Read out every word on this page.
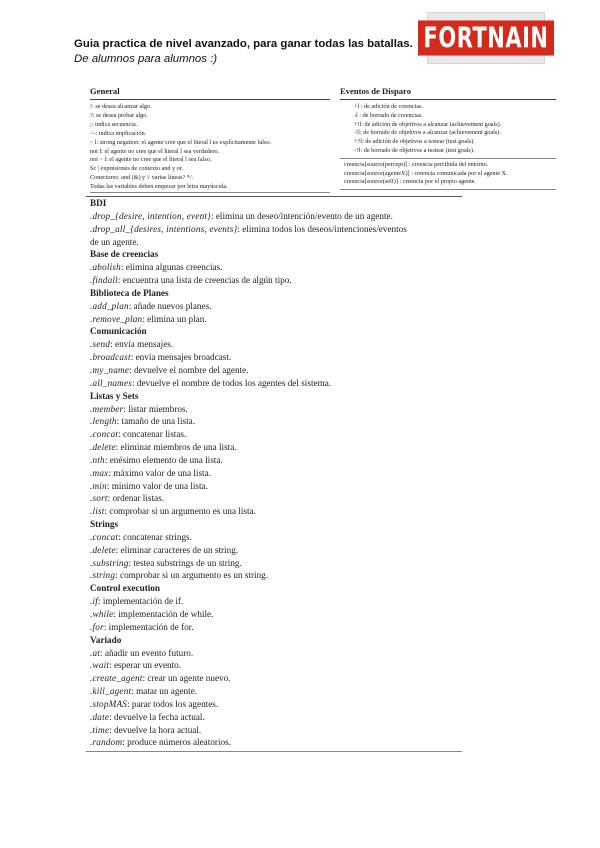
Guia practica de nivel avanzado, para ganar todas las batallas.
De alumnos para alumnos :)
FORTNAIN
General
!: se desea alcanzar algo.
?: se desea probar algo.
;: indica secuencia.
<-: indica implicación.
~ l: strong negation: el agente cree que el literal l es explícitamente falso.
not l: el agente no cree que el literal l sea verdadero.
not ~ l: el agente no cree que el literal l sea falso.
Sc | expresiones de contexto and y or.
Conectores: and (&) y \/ varias líneas? */.
Todas las variables deben empezar por letra mayúscula.
Eventos de Disparo
+l : de adición de creencias.
-l : de borrado de creencias.
+!l: de adición de objetivos a alcanzar (achievement goals).
-!l: de borrado de objetivos a alcanzar (achievement goals).
+?l: de adición de objetivos a testear (test goals).
-?l: de borrado de objetivos a testear (test goals).
creencia[source(percept)] : creencia percibida del entorno.
creencia[source(agenteX)] : creencia comunicada por el agente X.
creencia[source(self)] : creencia por el propio agente.
BDI
.drop_{desire, intention, event}: elimina un deseo/intención/evento de un agente.
.drop_all_{desires, intentions, events}: elimina todos los deseos/intenciones/eventos
de un agente.
Base de creencias
.abolish: elimina algunas creencias.
.findall: encuentra una lista de creencias de algún tipo.
Biblioteca de Planes
.add_plan: añade nuevos planes.
.remove_plan: elimina un plan.
Comunicación
.send: envía mensajes.
.broadcast: envía mensajes broadcast.
.my_name: devuelve el nombre del agente.
.all_names: devuelve el nombre de todos los agentes del sistema.
Listas y Sets
.member: listar miembros.
.length: tamaño de una lista.
.concat: concatenar listas.
.delete: eliminar miembros de una lista.
.nth: enésimo elemento de una lista.
.max: máximo valor de una lista.
.min: mínimo valor de una lista.
.sort: ordenar listas.
.list: comprobar si un argumento es una lista.
Strings
.concat: concatenar strings.
.delete: eliminar caracteres de un string.
.substring: testea substrings de un string.
.string: comprobar si un argumento es un string.
Control execution
.if: implementación de if.
.while: implementación de while.
.for: implementación de for.
Variado
.at: añadir un evento futuro.
.wait: esperar un evento.
.create_agent: crear un agente nuevo.
.kill_agent: matar un agente.
.stopMAS: parar todos los agentes.
.date: devuelve la fecha actual.
.time: devuelve la hora actual.
.random: produce números aleatorios.
